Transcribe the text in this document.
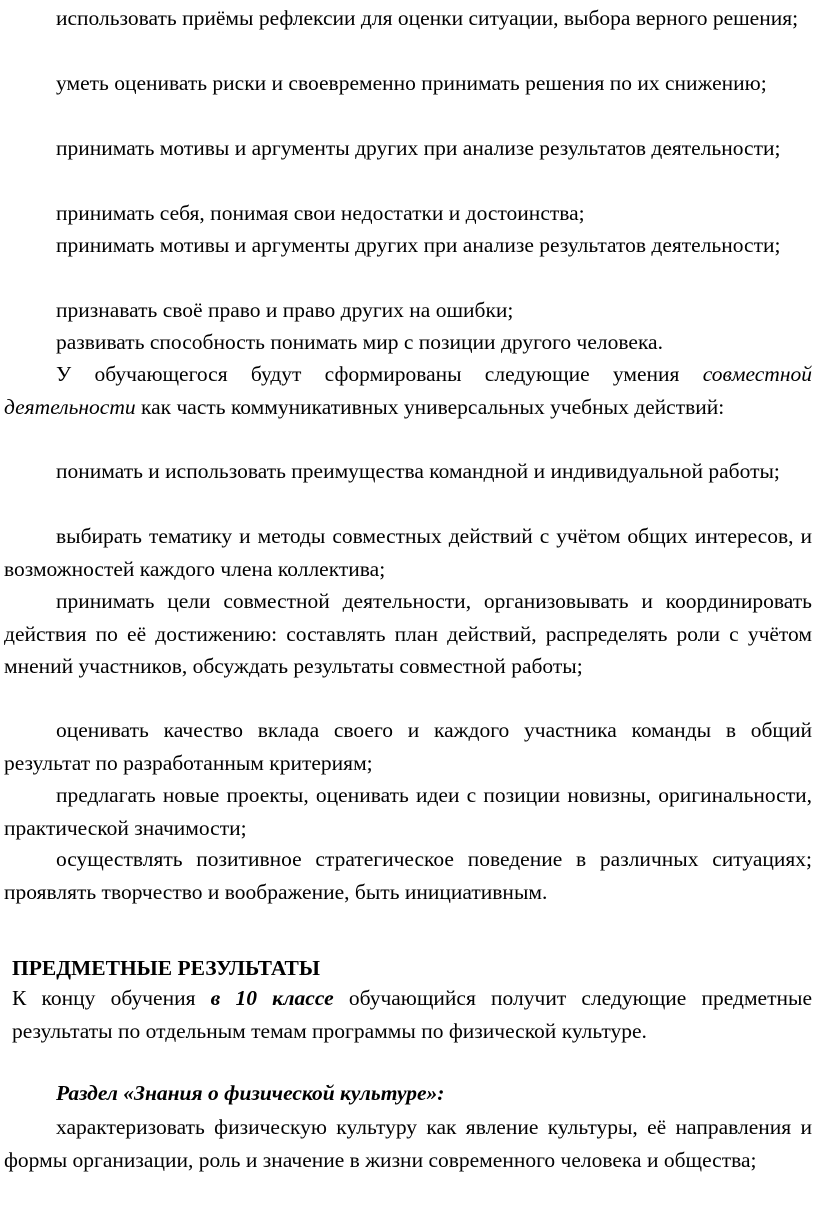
использовать приёмы рефлексии для оценки ситуации, выбора верного решения;

уметь оценивать риски и своевременно принимать решения по их снижению;

принимать мотивы и аргументы других при анализе результатов деятельности;

принимать себя, понимая свои недостатки и достоинства;

принимать мотивы и аргументы других при анализе результатов деятельности;

признавать своё право и право других на ошибки;

развивать способность понимать мир с позиции другого человека.

У обучающегося будут сформированы следующие умения совместной деятельности как часть коммуникативных универсальных учебных действий:

понимать и использовать преимущества командной и индивидуальной работы;

выбирать тематику и методы совместных действий с учётом общих интересов, и возможностей каждого члена коллектива;

принимать цели совместной деятельности, организовывать и координировать действия по её достижению: составлять план действий, распределять роли с учётом мнений участников, обсуждать результаты совместной работы;

оценивать качество вклада своего и каждого участника команды в общий результат по разработанным критериям;

предлагать новые проекты, оценивать идеи с позиции новизны, оригинальности, практической значимости;

осуществлять позитивное стратегическое поведение в различных ситуациях; проявлять творчество и воображение, быть инициативным.

ПРЕДМЕТНЫЕ РЕЗУЛЬТАТЫ

К концу обучения в 10 классе обучающийся получит следующие предметные результаты по отдельным темам программы по физической культуре.

Раздел «Знания о физической культуре»:

характеризовать физическую культуру как явление культуры, её направления и формы организации, роль и значение в жизни современного человека и общества;
